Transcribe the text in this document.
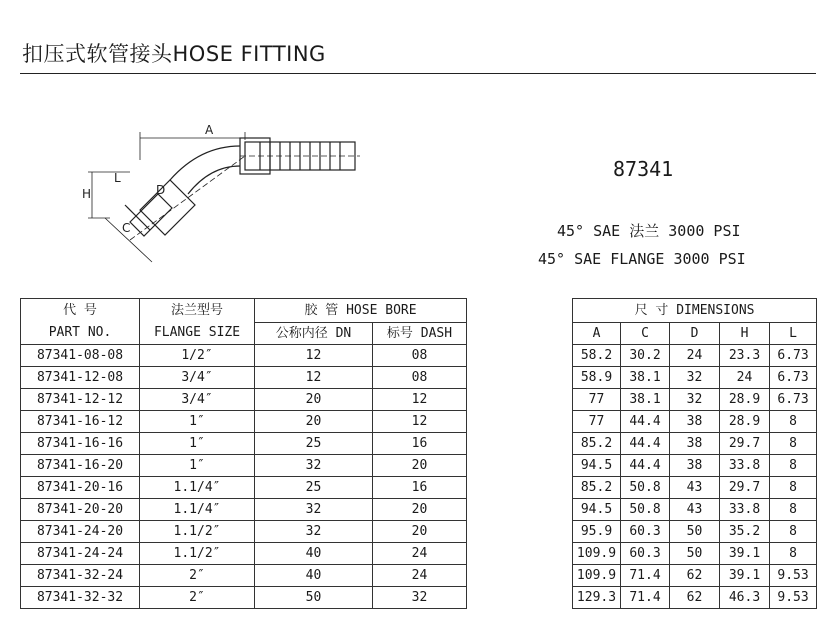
扣压式软管接头HOSE FITTING
A
H
C
D
L	87341
45° SAE 法兰 3000 PSI
45° SAE FLANGE 3000 PSI
代 号	法兰型号	胶 管 HOSE BORE			尺 寸 DIMENSIONS				
PART NO.	FLANGE SIZE	公称内径 DN	标号 DASH		A	C	D	H	L
87341-08-08	1/2″	12	08		58.2	30.2	24	23.3	6.73
87341-12-08	3/4″	12	08		58.9	38.1	32	24	6.73
87341-12-12	3/4″	20	12		77	38.1	32	28.9	6.73
87341-16-12	1″	20	12		77	44.4	38	28.9	8
87341-16-16	1″	25	16		85.2	44.4	38	29.7	8
87341-16-20	1″	32	20		94.5	44.4	38	33.8	8
87341-20-16	1.1/4″	25	16		85.2	50.8	43	29.7	8
87341-20-20	1.1/4″	32	20		94.5	50.8	43	33.8	8
87341-24-20	1.1/2″	32	20		95.9	60.3	50	35.2	8
87341-24-24	1.1/2″	40	24		109.9	60.3	50	39.1	8
87341-32-24	2″	40	24		109.9	71.4	62	39.1	9.53
87341-32-32	2″	50	32		129.3	71.4	62	46.3	9.53
